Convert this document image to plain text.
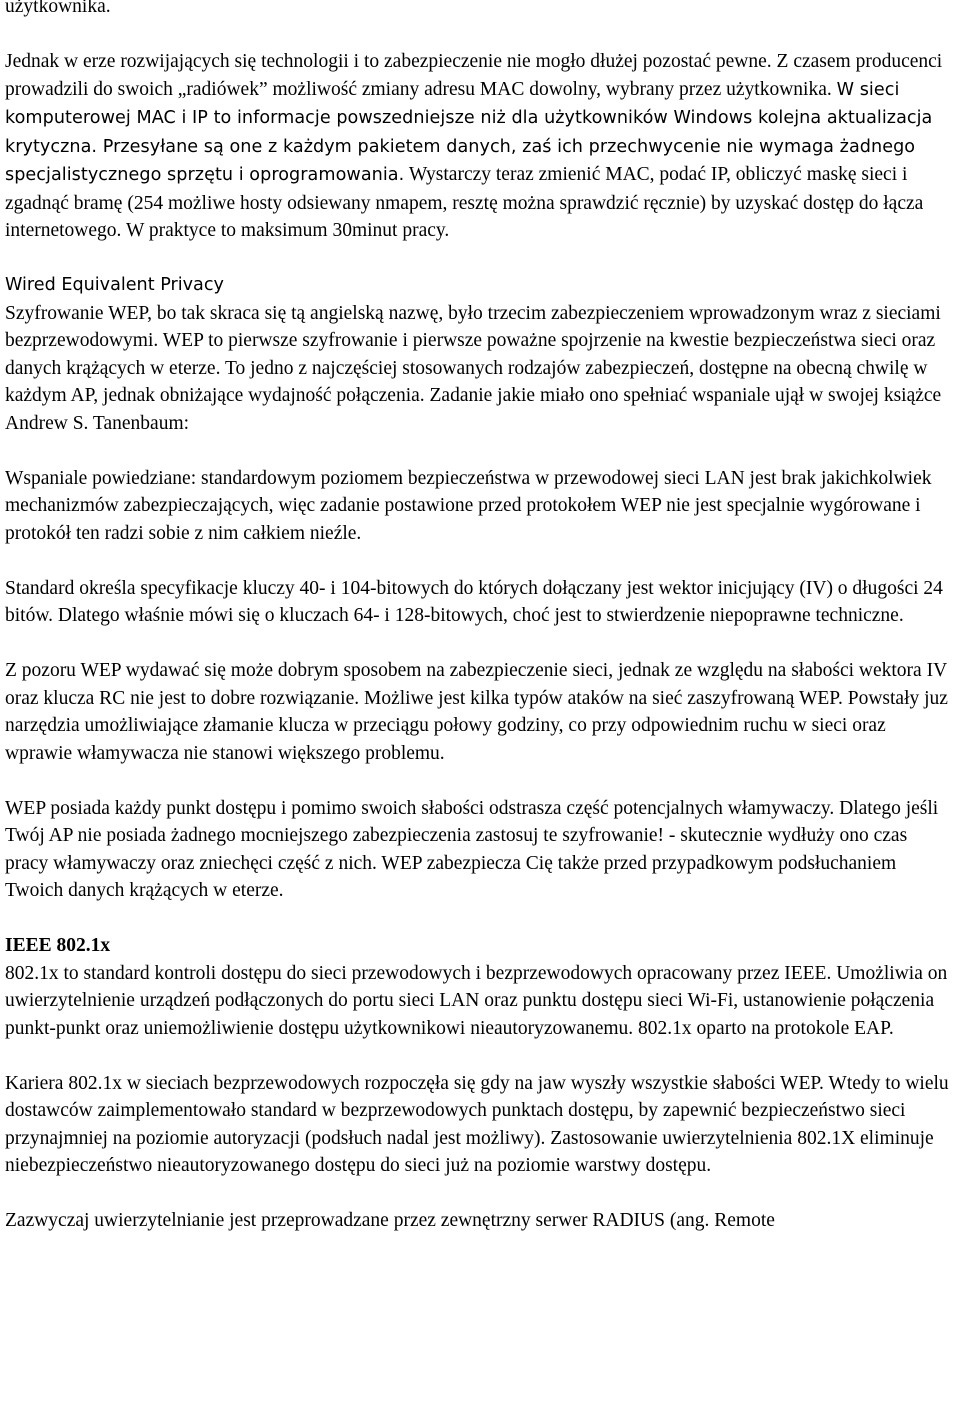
użytkownika.

Jednak w erze rozwijających się technologii i to zabezpieczenie nie mogło dłużej pozostać pewne. Z czasem producenci prowadzili do swoich „radiówek” możliwość zmiany adresu MAC dowolny, wybrany przez użytkownika. W sieci komputerowej MAC i IP to informacje powszedniejsze niż dla użytkowników Windows kolejna aktualizacja krytyczna. Przesyłane są one z każdym pakietem danych, zaś ich przechwycenie nie wymaga żadnego specjalistycznego sprzętu i oprogramowania. Wystarczy teraz zmienić MAC, podać IP, obliczyć maskę sieci i zgadnąć bramę (254 możliwe hosty odsiewany nmapem, resztę można sprawdzić ręcznie) by uzyskać dostęp do łącza internetowego. W praktyce to maksimum 30minut pracy.

Wired Equivalent Privacy
Szyfrowanie WEP, bo tak skraca się tą angielską nazwę, było trzecim zabezpieczeniem wprowadzonym wraz z sieciami bezprzewodowymi. WEP to pierwsze szyfrowanie i pierwsze poważne spojrzenie na kwestie bezpieczeństwa sieci oraz danych krążących w eterze. To jedno z najczęściej stosowanych rodzajów zabezpieczeń, dostępne na obecną chwilę w każdym AP, jednak obniżające wydajność połączenia. Zadanie jakie miało ono spełniać wspaniale ujął w swojej książce Andrew S. Tanenbaum:

Wspaniale powiedziane: standardowym poziomem bezpieczeństwa w przewodowej sieci LAN jest brak jakichkolwiek mechanizmów zabezpieczających, więc zadanie postawione przed protokołem WEP nie jest specjalnie wygórowane i protokół ten radzi sobie z nim całkiem nieźle.

Standard określa specyfikacje kluczy 40- i 104-bitowych do których dołączany jest wektor inicjujący (IV) o długości 24 bitów. Dlatego właśnie mówi się o kluczach 64- i 128-bitowych, choć jest to stwierdzenie niepoprawne techniczne.

Z pozoru WEP wydawać się może dobrym sposobem na zabezpieczenie sieci, jednak ze względu na słabości wektora IV oraz klucza RC nie jest to dobre rozwiązanie. Możliwe jest kilka typów ataków na sieć zaszyfrowaną WEP. Powstały juz narzędzia umożliwiające złamanie klucza w przeciągu połowy godziny, co przy odpowiednim ruchu w sieci oraz wprawie włamywacza nie stanowi większego problemu.

WEP posiada każdy punkt dostępu i pomimo swoich słabości odstrasza część potencjalnych włamywaczy. Dlatego jeśli Twój AP nie posiada żadnego mocniejszego zabezpieczenia zastosuj te szyfrowanie! - skutecznie wydłuży ono czas pracy włamywaczy oraz zniechęci część z nich. WEP zabezpiecza Cię także przed przypadkowym podsłuchaniem Twoich danych krążących w eterze.

IEEE 802.1x
802.1x to standard kontroli dostępu do sieci przewodowych i bezprzewodowych opracowany przez IEEE. Umożliwia on uwierzytelnienie urządzeń podłączonych do portu sieci LAN oraz punktu dostępu sieci Wi-Fi, ustanowienie połączenia punkt-punkt oraz uniemożliwienie dostępu użytkownikowi nieautoryzowanemu. 802.1x oparto na protokole EAP.

Kariera 802.1x w sieciach bezprzewodowych rozpoczęła się gdy na jaw wyszły wszystkie słabości WEP. Wtedy to wielu dostawców zaimplementowało standard w bezprzewodowych punktach dostępu, by zapewnić bezpieczeństwo sieci przynajmniej na poziomie autoryzacji (podsłuch nadal jest możliwy). Zastosowanie uwierzytelnienia 802.1X eliminuje niebezpieczeństwo nieautoryzowanego dostępu do sieci już na poziomie warstwy dostępu.

Zazwyczaj uwierzytelnianie jest przeprowadzane przez zewnętrzny serwer RADIUS (ang. Remote
